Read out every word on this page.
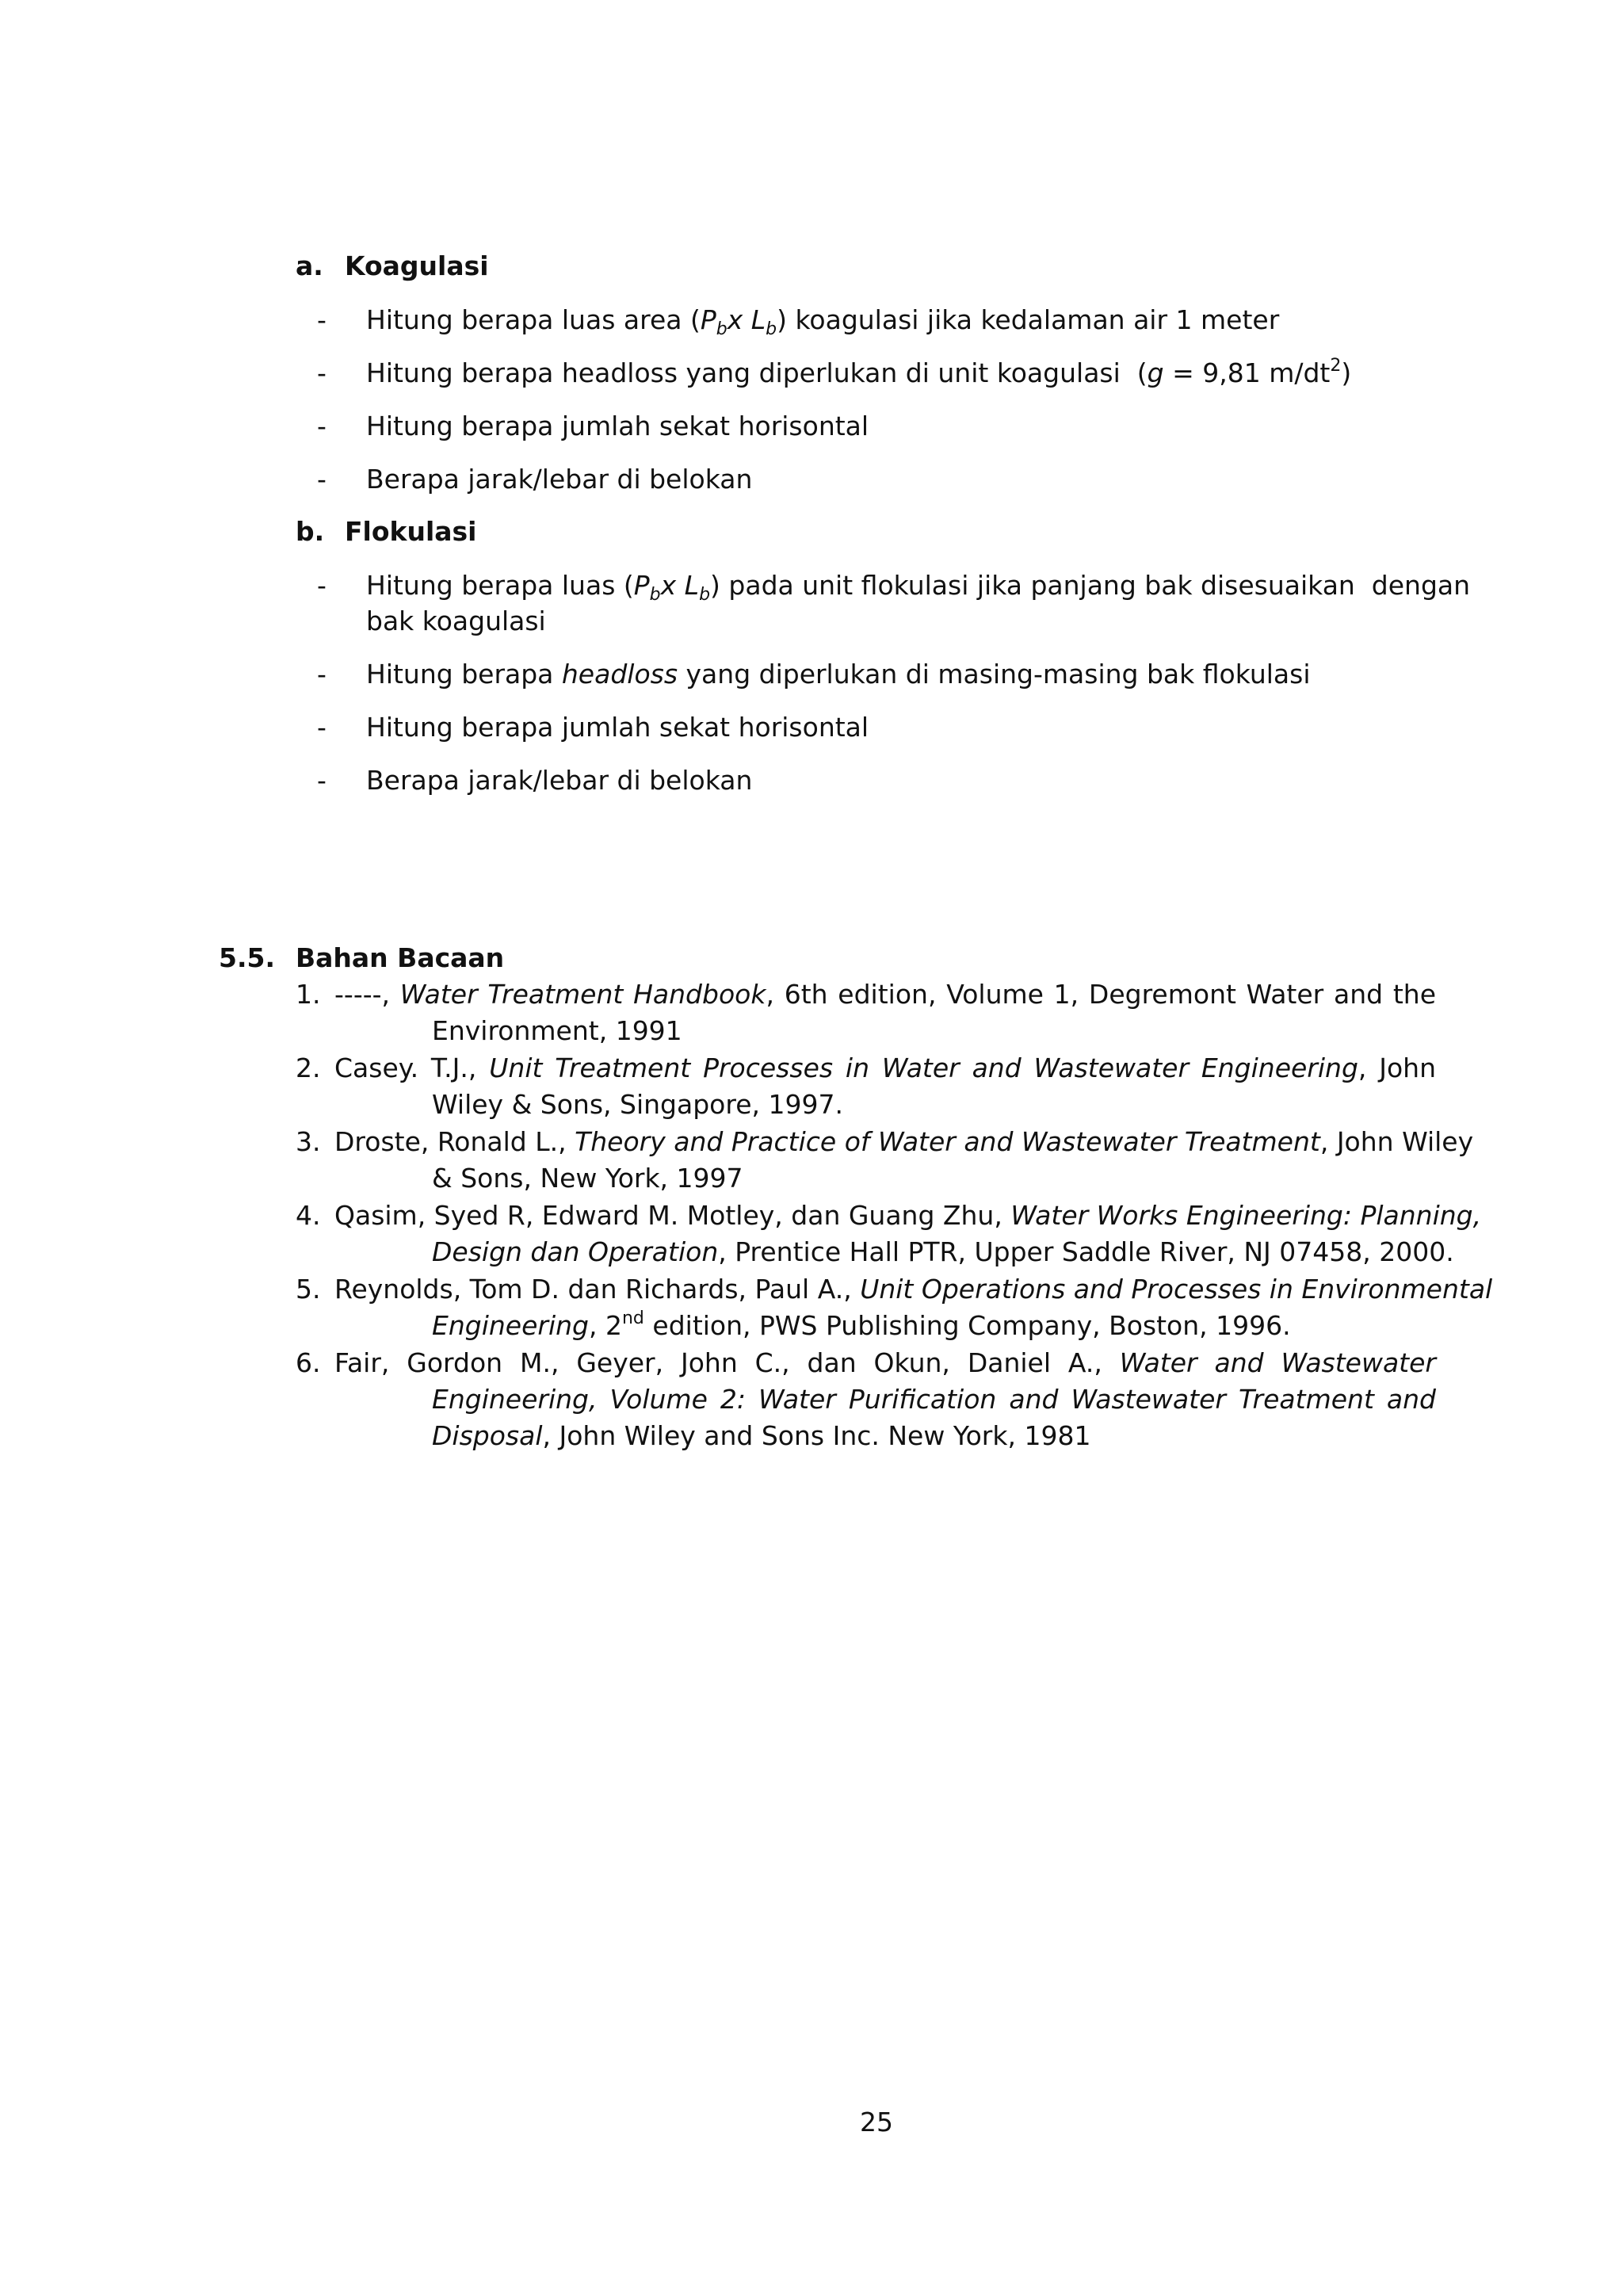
a. Koagulasi
- Hitung berapa luas area ($P_bx$ $L_b$) koagulasi jika kedalaman air 1 meter
- Hitung berapa headloss yang diperlukan di unit koagulasi  (g = 9,81 $m/dt^2$)
- Hitung berapa jumlah sekat horisontal
- Berapa jarak/lebar di belokan
b. Flokulasi
- Hitung berapa luas ($P_bx$ $L_b$) pada unit flokulasi jika panjang bak disesuaikan  dengan
bak koagulasi
- Hitung berapa headloss yang diperlukan di masing-masing bak flokulasi
- Hitung berapa jumlah sekat horisontal
- Berapa jarak/lebar di belokan
5.5. Bahan Bacaan
1. -----, Water Treatment Handbook, 6th edition, Volume 1, Degremont Water and the
Environment, 1991
2. Casey. T.J., Unit Treatment Processes in Water and Wastewater Engineering, John
Wiley & Sons, Singapore, 1997.
3. Droste, Ronald L., Theory and Practice of Water and Wastewater Treatment, John Wiley
& Sons, New York, 1997
4. Qasim, Syed R, Edward M. Motley, dan Guang Zhu, Water Works Engineering: Planning,
Design dan Operation, Prentice Hall PTR, Upper Saddle River, NJ 07458, 2000.
5. Reynolds, Tom D. dan Richards, Paul A., Unit Operations and Processes in Environmental
Engineering, 2nd edition, PWS Publishing Company, Boston, 1996.
6. Fair,  Gordon  M.,  Geyer,  John  C.,  dan  Okun,  Daniel  A.,  Water  and  Wastewater
Engineering, Volume 2: Water Purification and Wastewater Treatment and
Disposal, John Wiley and Sons Inc. New York, 1981
25
